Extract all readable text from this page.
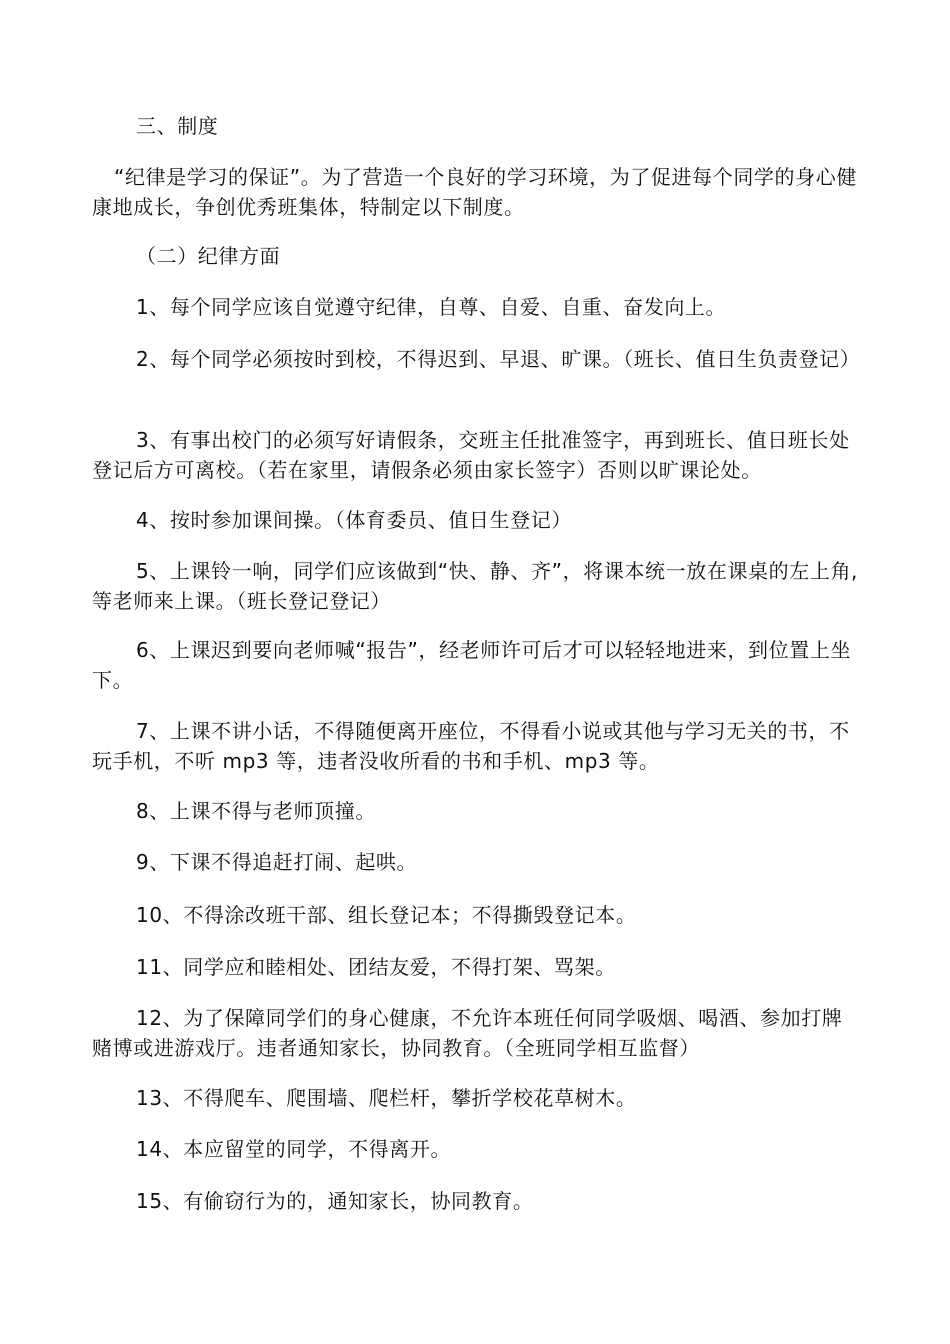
三、制度

“纪律是学习的保证”。为了营造一个良好的学习环境，为了促进每个同学的身心健康地成长，争创优秀班集体，特制定以下制度。

（二）纪律方面

1、每个同学应该自觉遵守纪律，自尊、自爱、自重、奋发向上。

2、每个同学必须按时到校，不得迟到、早退、旷课。（班长、值日生负责登记）

3、有事出校门的必须写好请假条，交班主任批准签字，再到班长、值日班长处登记后方可离校。（若在家里，请假条必须由家长签字）否则以旷课论处。

4、按时参加课间操。（体育委员、值日生登记）

5、上课铃一响，同学们应该做到“快、静、齐”，将课本统一放在课桌的左上角,等老师来上课。（班长登记登记）

6、上课迟到要向老师喊“报告”，经老师许可后才可以轻轻地进来，到位置上坐下。

7、上课不讲小话，不得随便离开座位，不得看小说或其他与学习无关的书，不玩手机，不听 mp3 等，违者没收所看的书和手机、mp3 等。

8、上课不得与老师顶撞。

9、下课不得追赶打闹、起哄。

10、不得涂改班干部、组长登记本；不得撕毁登记本。

11、同学应和睦相处、团结友爱，不得打架、骂架。

12、为了保障同学们的身心健康，不允许本班任何同学吸烟、喝酒、参加打牌赌博或进游戏厅。违者通知家长，协同教育。（全班同学相互监督）

13、不得爬车、爬围墙、爬栏杆，攀折学校花草树木。

14、本应留堂的同学，不得离开。

15、有偷窃行为的，通知家长，协同教育。
